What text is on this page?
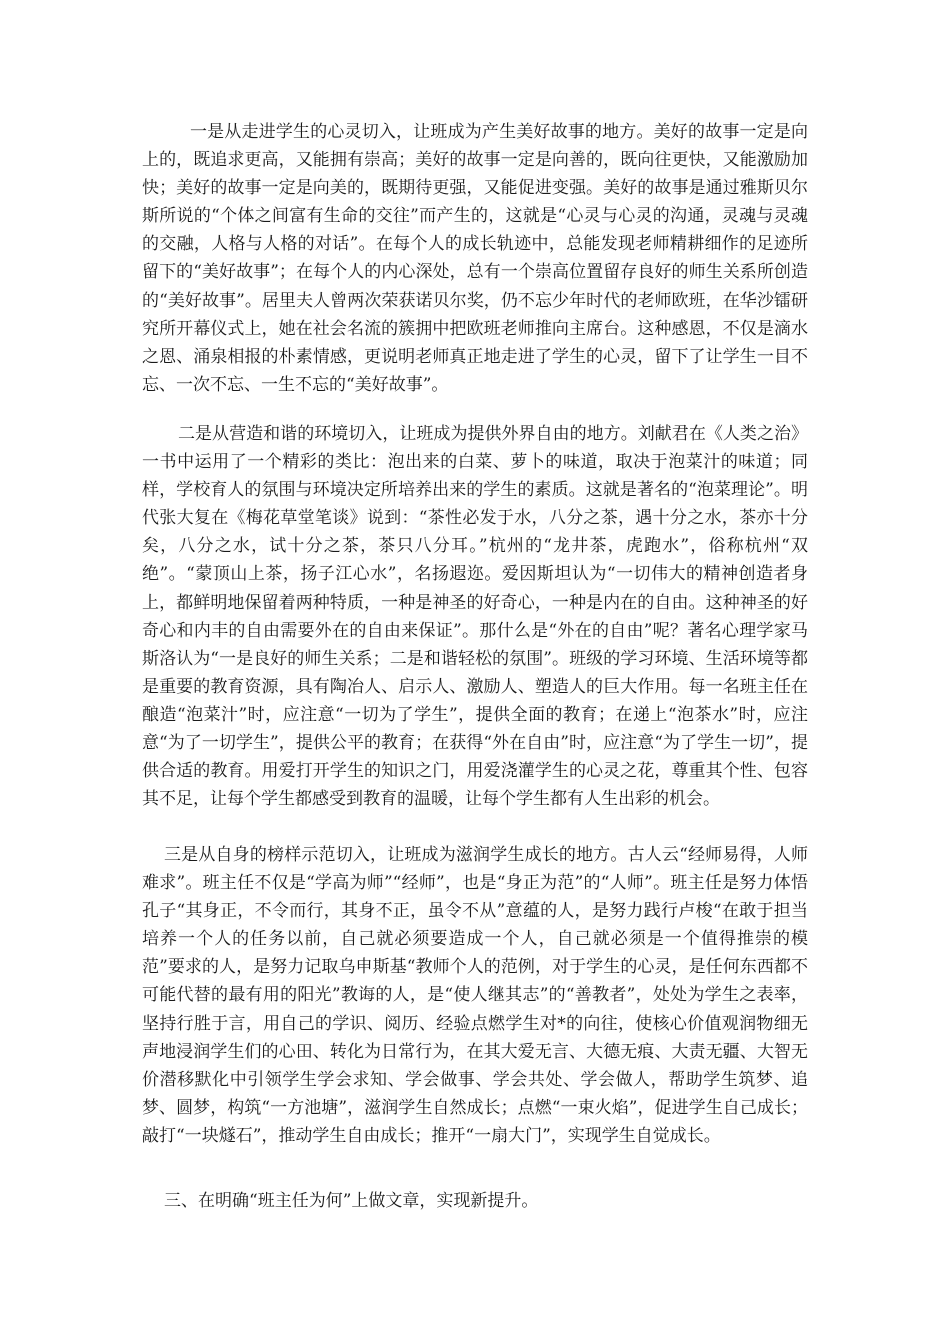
一是从走进学生的心灵切入，让班成为产生美好故事的地方。美好的故事一定是向上的，既追求更高，又能拥有崇高；美好的故事一定是向善的，既向往更快，又能激励加快；美好的故事一定是向美的，既期待更强，又能促进变强。美好的故事是通过雅斯贝尔斯所说的“个体之间富有生命的交往”而产生的，这就是“心灵与心灵的沟通，灵魂与灵魂的交融，人格与人格的对话”。在每个人的成长轨迹中，总能发现老师精耕细作的足迹所留下的“美好故事”；在每个人的内心深处，总有一个崇高位置留存良好的师生关系所创造的“美好故事”。居里夫人曾两次荣获诺贝尔奖，仍不忘少年时代的老师欧班，在华沙镭研究所开幕仪式上，她在社会名流的簇拥中把欧班老师推向主席台。这种感恩，不仅是滴水之恩、涌泉相报的朴素情感，更说明老师真正地走进了学生的心灵，留下了让学生一目不忘、一次不忘、一生不忘的“美好故事”。

二是从营造和谐的环境切入，让班成为提供外界自由的地方。刘献君在《人类之治》一书中运用了一个精彩的类比：泡出来的白菜、萝卜的味道，取决于泡菜汁的味道；同样，学校育人的氛围与环境决定所培养出来的学生的素质。这就是著名的“泡菜理论”。明代张大复在《梅花草堂笔谈》说到：“茶性必发于水，八分之茶，遇十分之水，茶亦十分矣，八分之水，试十分之茶，茶只八分耳。”杭州的“龙井茶，虎跑水”，俗称杭州“双绝”。“蒙顶山上茶，扬子江心水”，名扬遐迩。爱因斯坦认为“一切伟大的精神创造者身上，都鲜明地保留着两种特质，一种是神圣的好奇心，一种是内在的自由。这种神圣的好奇心和内丰的自由需要外在的自由来保证”。那什么是“外在的自由”呢？著名心理学家马斯洛认为“一是良好的师生关系；二是和谐轻松的氛围”。班级的学习环境、生活环境等都是重要的教育资源，具有陶冶人、启示人、激励人、塑造人的巨大作用。每一名班主任在酿造“泡菜汁”时，应注意“一切为了学生”，提供全面的教育；在递上“泡茶水”时，应注意“为了一切学生”，提供公平的教育；在获得“外在自由”时，应注意“为了学生一切”，提供合适的教育。用爱打开学生的知识之门，用爱浇灌学生的心灵之花，尊重其个性、包容其不足，让每个学生都感受到教育的温暖，让每个学生都有人生出彩的机会。

三是从自身的榜样示范切入，让班成为滋润学生成长的地方。古人云“经师易得，人师难求”。班主任不仅是“学高为师”“经师”，也是“身正为范”的“人师”。班主任是努力体悟孔子“其身正，不令而行，其身不正，虽令不从”意蕴的人，是努力践行卢梭“在敢于担当培养一个人的任务以前，自己就必须要造成一个人，自己就必须是一个值得推崇的模范”要求的人，是努力记取乌申斯基“教师个人的范例，对于学生的心灵，是任何东西都不可能代替的最有用的阳光”教诲的人，是“使人继其志”的“善教者”，处处为学生之表率，坚持行胜于言，用自己的学识、阅历、经验点燃学生对*的向往，使核心价值观润物细无声地浸润学生们的心田、转化为日常行为，在其大爱无言、大德无痕、大责无疆、大智无价潜移默化中引领学生学会求知、学会做事、学会共处、学会做人，帮助学生筑梦、追梦、圆梦，构筑“一方池塘”，滋润学生自然成长；点燃“一束火焰”，促进学生自己成长；敲打“一块燧石”，推动学生自由成长；推开“一扇大门”，实现学生自觉成长。

三、在明确“班主任为何”上做文章，实现新提升。
